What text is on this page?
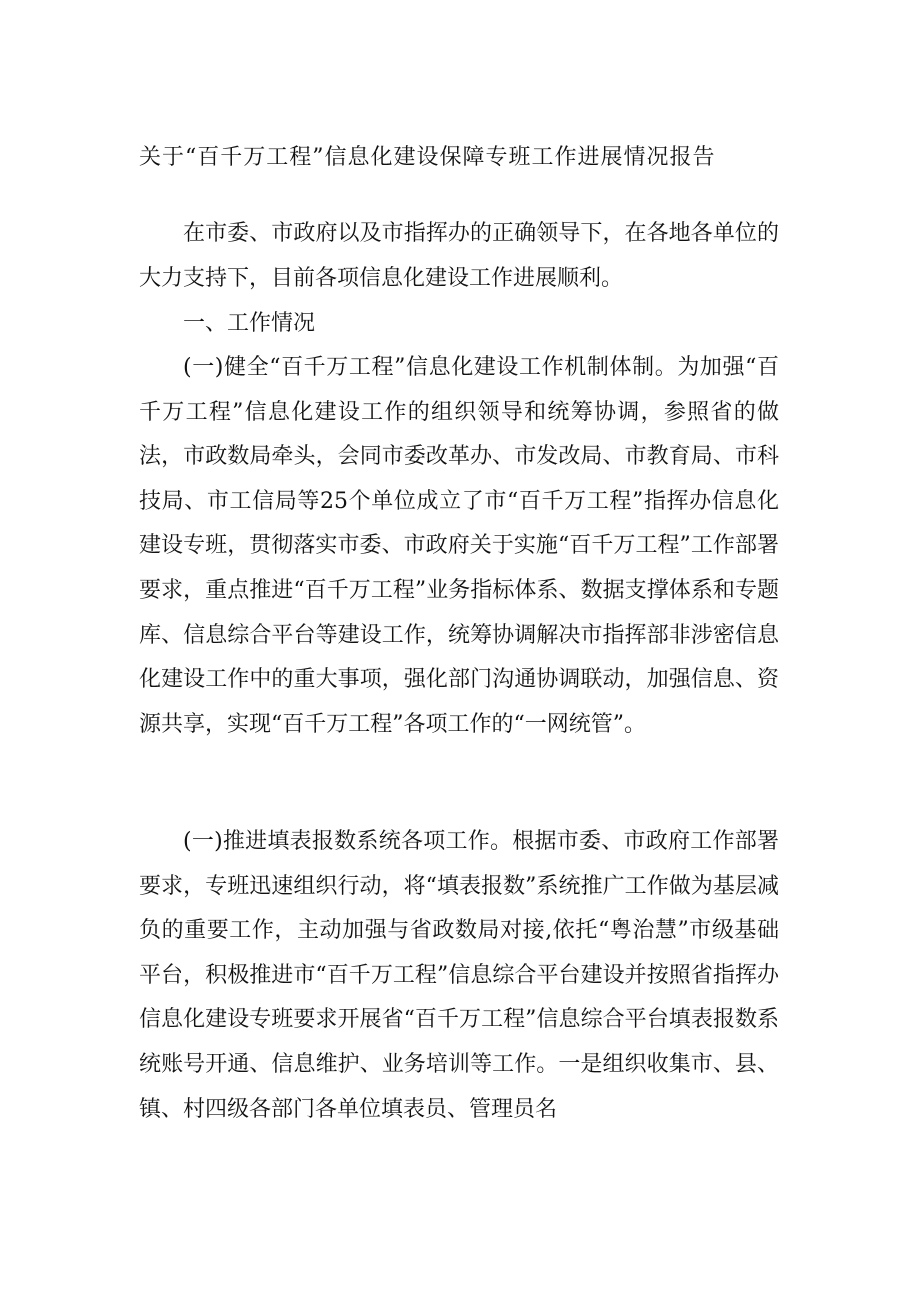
关于“百千万工程”信息化建设保障专班工作进展情况报告

在市委、市政府以及市指挥办的正确领导下，在各地各单位的大力支持下，目前各项信息化建设工作进展顺利。

一、工作情况

(一)健全“百千万工程”信息化建设工作机制体制。为加强“百千万工程”信息化建设工作的组织领导和统筹协调，参照省的做法，市政数局牵头，会同市委改革办、市发改局、市教育局、市科技局、市工信局等25个单位成立了市“百千万工程”指挥办信息化建设专班，贯彻落实市委、市政府关于实施“百千万工程”工作部署要求，重点推进“百千万工程”业务指标体系、数据支撑体系和专题库、信息综合平台等建设工作，统筹协调解决市指挥部非涉密信息化建设工作中的重大事项，强化部门沟通协调联动，加强信息、资源共享，实现“百千万工程”各项工作的“一网统管”。

(一)推进填表报数系统各项工作。根据市委、市政府工作部署要求，专班迅速组织行动，将“填表报数”系统推广工作做为基层减负的重要工作，主动加强与省政数局对接,依托“粤治慧”市级基础平台，积极推进市“百千万工程”信息综合平台建设并按照省指挥办信息化建设专班要求开展省“百千万工程”信息综合平台填表报数系统账号开通、信息维护、业务培训等工作。一是组织收集市、县、镇、村四级各部门各单位填表员、管理员名
